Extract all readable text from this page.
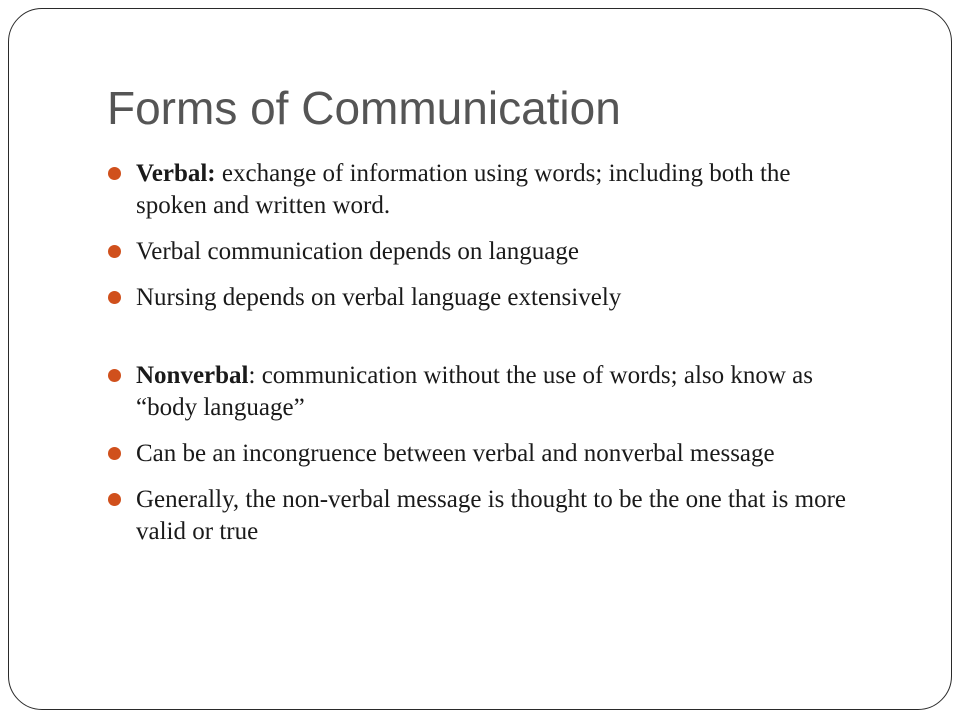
Forms of Communication
Verbal: exchange of information using words; including both the spoken and written word.
Verbal communication depends on language
Nursing depends on verbal language extensively
Nonverbal: communication without the use of words; also know as “body language”
Can be an incongruence between verbal and nonverbal message
Generally, the non-verbal message is thought to be the one that is more valid or true
